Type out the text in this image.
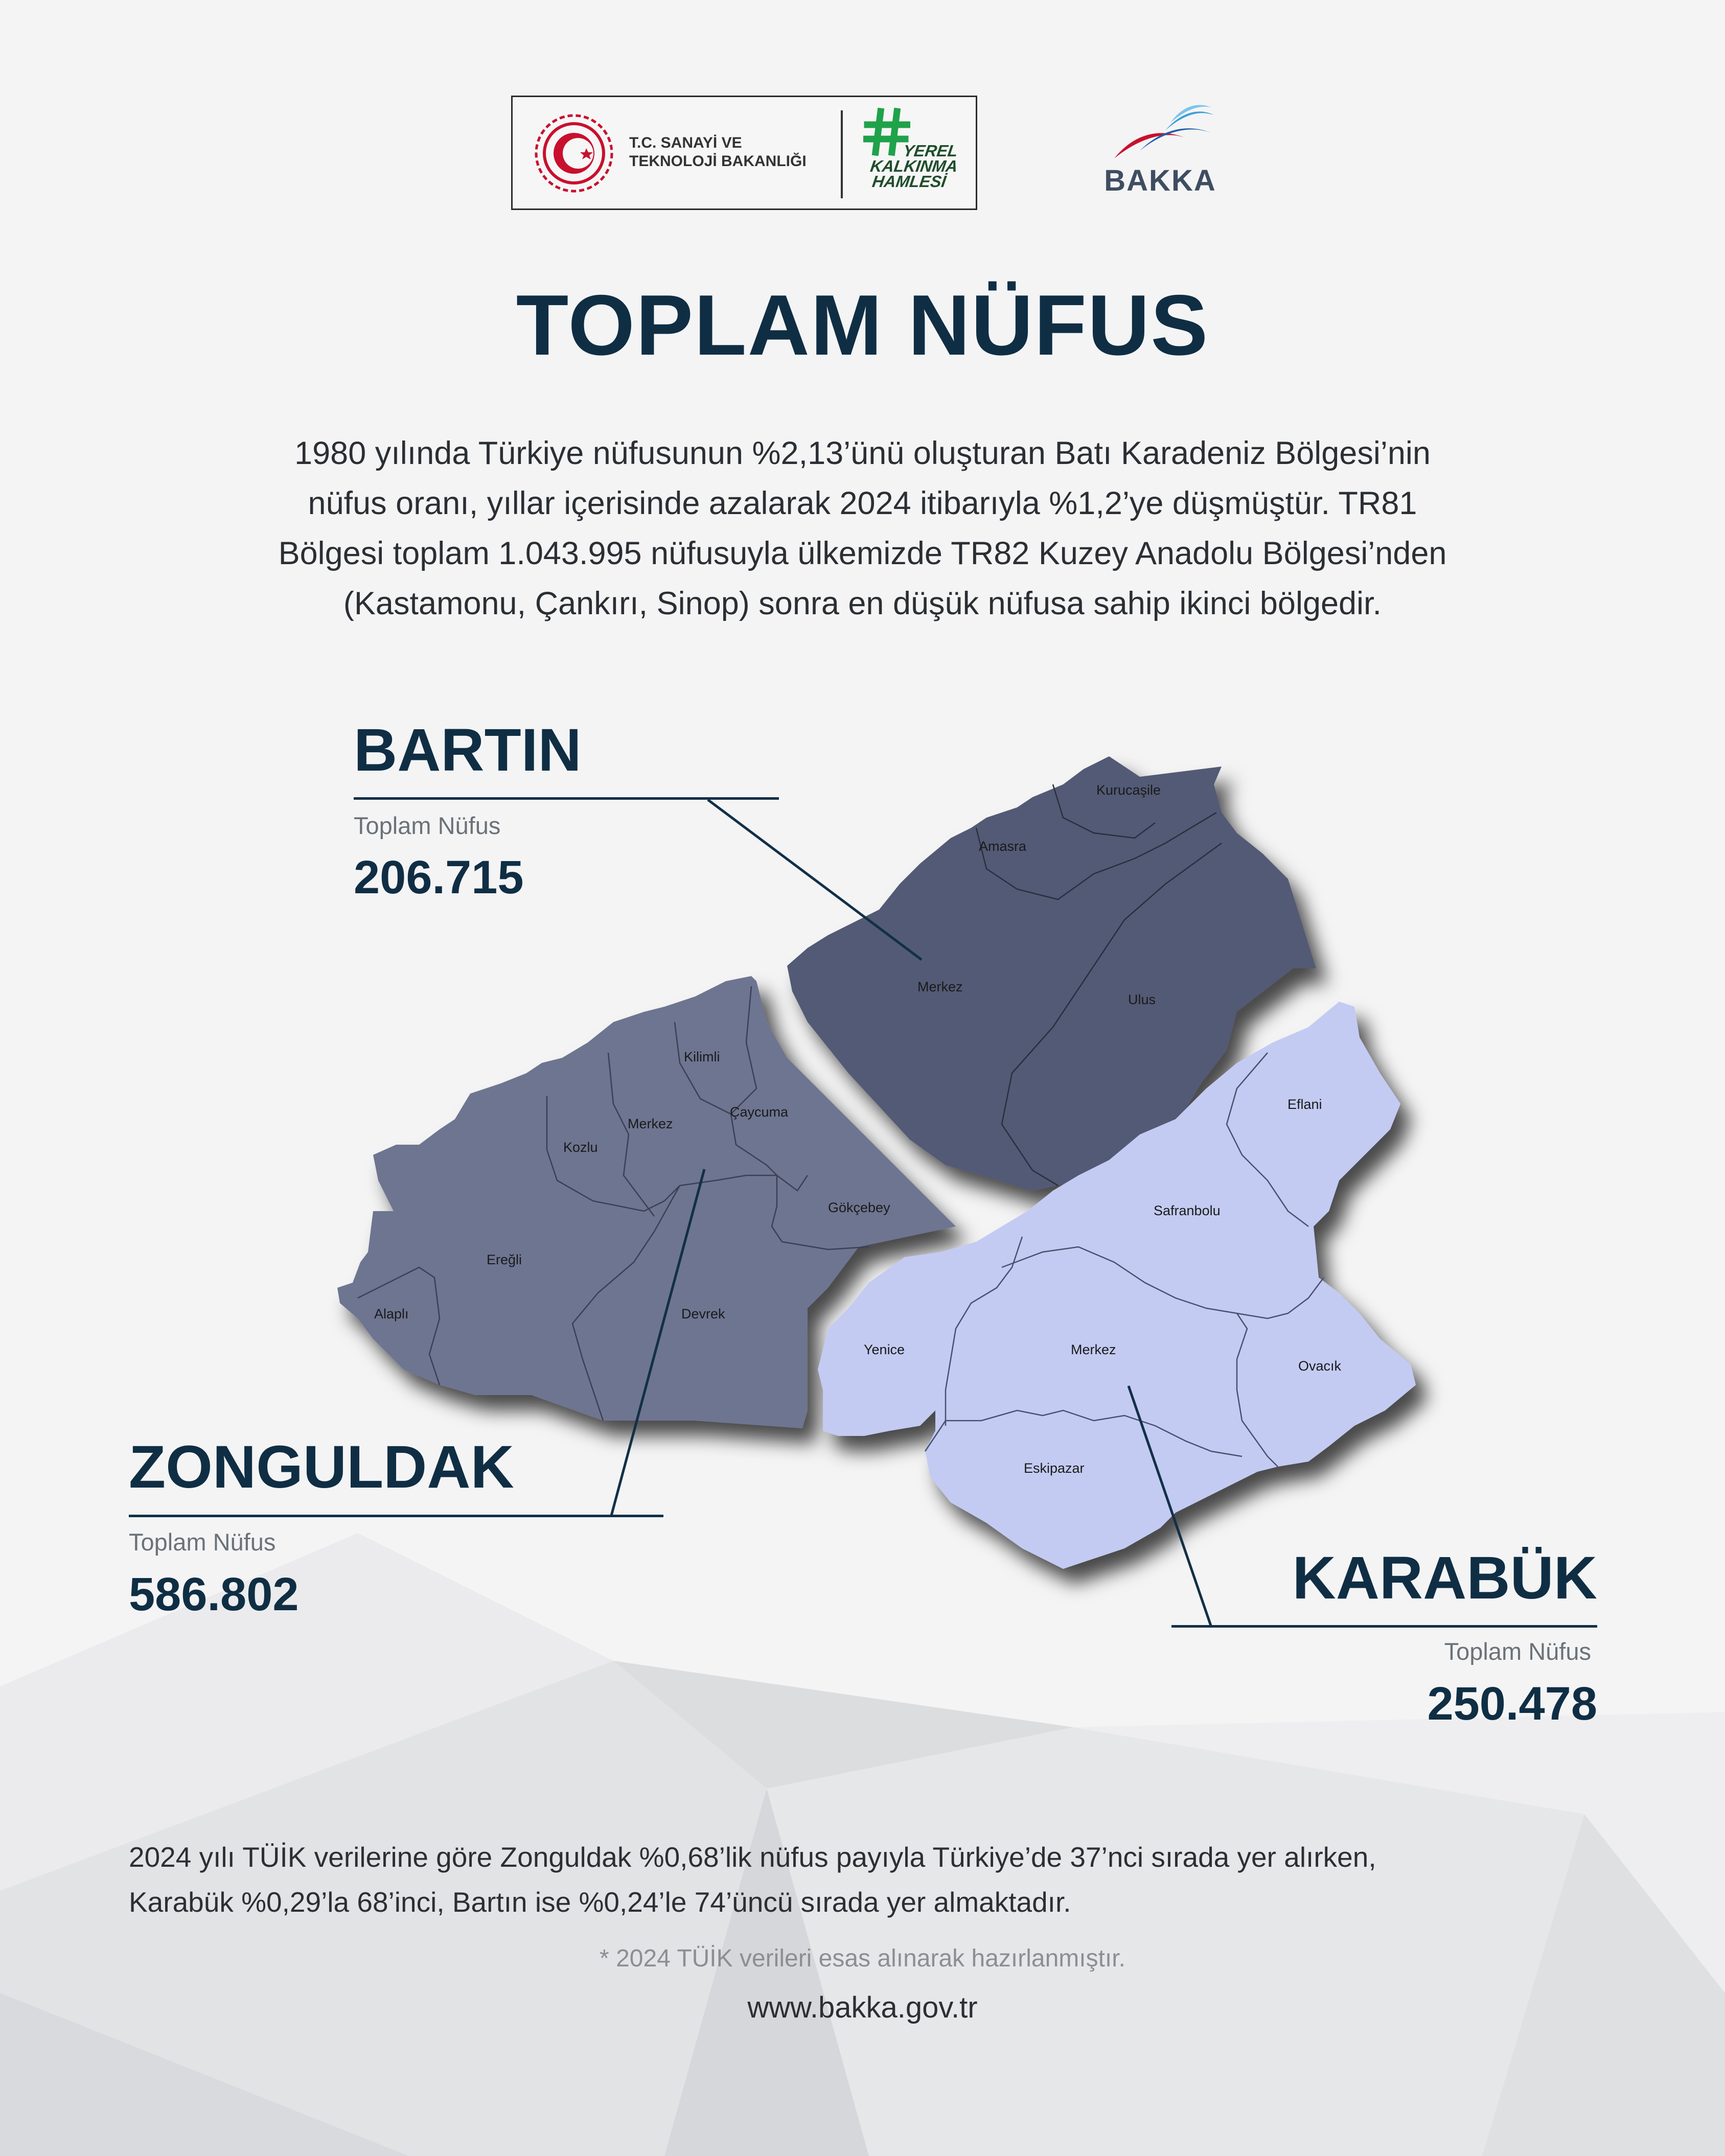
T.C. SANAYİ VE
TEKNOLOJİ BAKANLIĞI
YEREL
KALKINMA
HAMLESİ	BAKKA
TOPLAM NÜFUS
1980 yılında Türkiye nüfusunun %2,13’ünü oluşturan Batı Karadeniz Bölgesi’nin
nüfus oranı, yıllar içerisinde azalarak 2024 itibarıyla %1,2’ye düşmüştür. TR81
Bölgesi toplam 1.043.995 nüfusuyla ülkemizde TR82 Kuzey Anadolu Bölgesi’nden
(Kastamonu, Çankırı, Sinop) sonra en düşük nüfusa sahip ikinci bölgedir.
Kurucaşile
Amasra
Merkez
Ulus
Kilimli
Merkez
Çaycuma
Kozlu
Gökçebey
Ereğli
Alaplı	Devrek
Eflani
Safranbolu
Yenice	Merkez
Ovacık
Eskipazar
BARTIN
Toplam Nüfus
206.715
ZONGULDAK
Toplam Nüfus
586.802	KARABÜK
Toplam Nüfus
250.478
2024 yılı TÜİK verilerine göre Zonguldak %0,68’lik nüfus payıyla Türkiye’de 37’nci sırada yer alırken,
Karabük %0,29’la 68’inci, Bartın ise %0,24’le 74’üncü sırada yer almaktadır.
* 2024 TÜİK verileri esas alınarak hazırlanmıştır.
www.bakka.gov.tr
